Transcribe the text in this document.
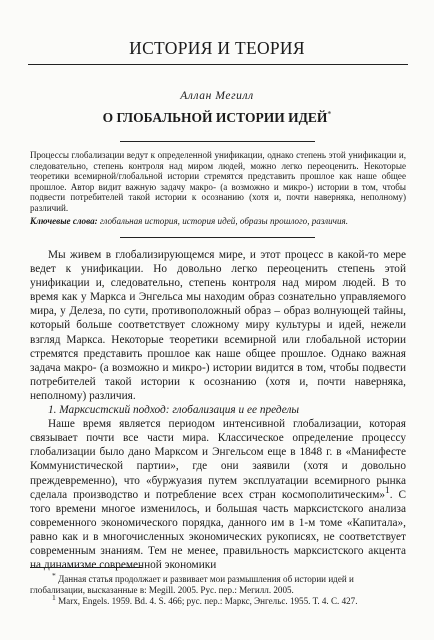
ИСТОРИЯ И ТЕОРИЯ
Аллан Мегилл
О ГЛОБАЛЬНОЙ ИСТОРИИ ИДЕЙ*
Процессы глобализации ведут к определенной унификации, однако степень этой унификации и, следовательно, степень контроля над миром людей, можно легко переоценить. Некоторые теоретики всемирной/глобальной истории стремятся представить прошлое как наше общее прошлое. Автор видит важную задачу макро- (а возможно и микро-) истории в том, чтобы подвести потребителей такой истории к осознанию (хотя и, почти наверняка, неполному) различий.
Ключевые слова: глобальная история, история идей, образы прошлого, различия.

Мы живем в глобализирующемся мире, и этот процесс в какой-то мере ведет к унификации. Но довольно легко переоценить степень этой унификации и, следовательно, степень контроля над миром людей. В то время как у Маркса и Энгельса мы находим образ сознательно управляемого мира, у Делеза, по сути, противоположный образ – образ волнующей тайны, который больше соответствует сложному миру культуры и идей, нежели взгляд Маркса. Некоторые теоретики всемирной или глобальной истории стремятся представить прошлое как наше общее прошлое. Однако важная задача макро- (а возможно и микро-) истории видится в том, чтобы подвести потребителей такой истории к осознанию (хотя и, почти наверняка, неполному) различия.

1. Марксистский подход: глобализация и ее пределы

Наше время является периодом интенсивной глобализации, которая связывает почти все части мира. Классическое определение процессу глобализации было дано Марксом и Энгельсом еще в 1848 г. в «Манифесте Коммунистической партии», где они заявили (хотя и довольно преждевременно), что «буржуазия путем эксплуатации всемирного рынка сделала производство и потребление всех стран космополитическим»$^1$. С того времени многое изменилось, и большая часть марксистского анализа современного экономического порядка, данного им в 1-м томе «Капитала», равно как и в многочисленных экономических рукописях, не соответствует современным знаниям. Тем не менее, правильность марксистского акцента на динамизме современной экономики

* Данная статья продолжает и развивает мои размышления об истории идей и глобализации, высказанные в: Megill. 2005. Рус. пер.: Мегилл. 2005.

$^1$ Marx, Engels. 1959. Bd. 4. S. 466; рус. пер.: Маркс, Энгельс. 1955. Т. 4. С. 427.
